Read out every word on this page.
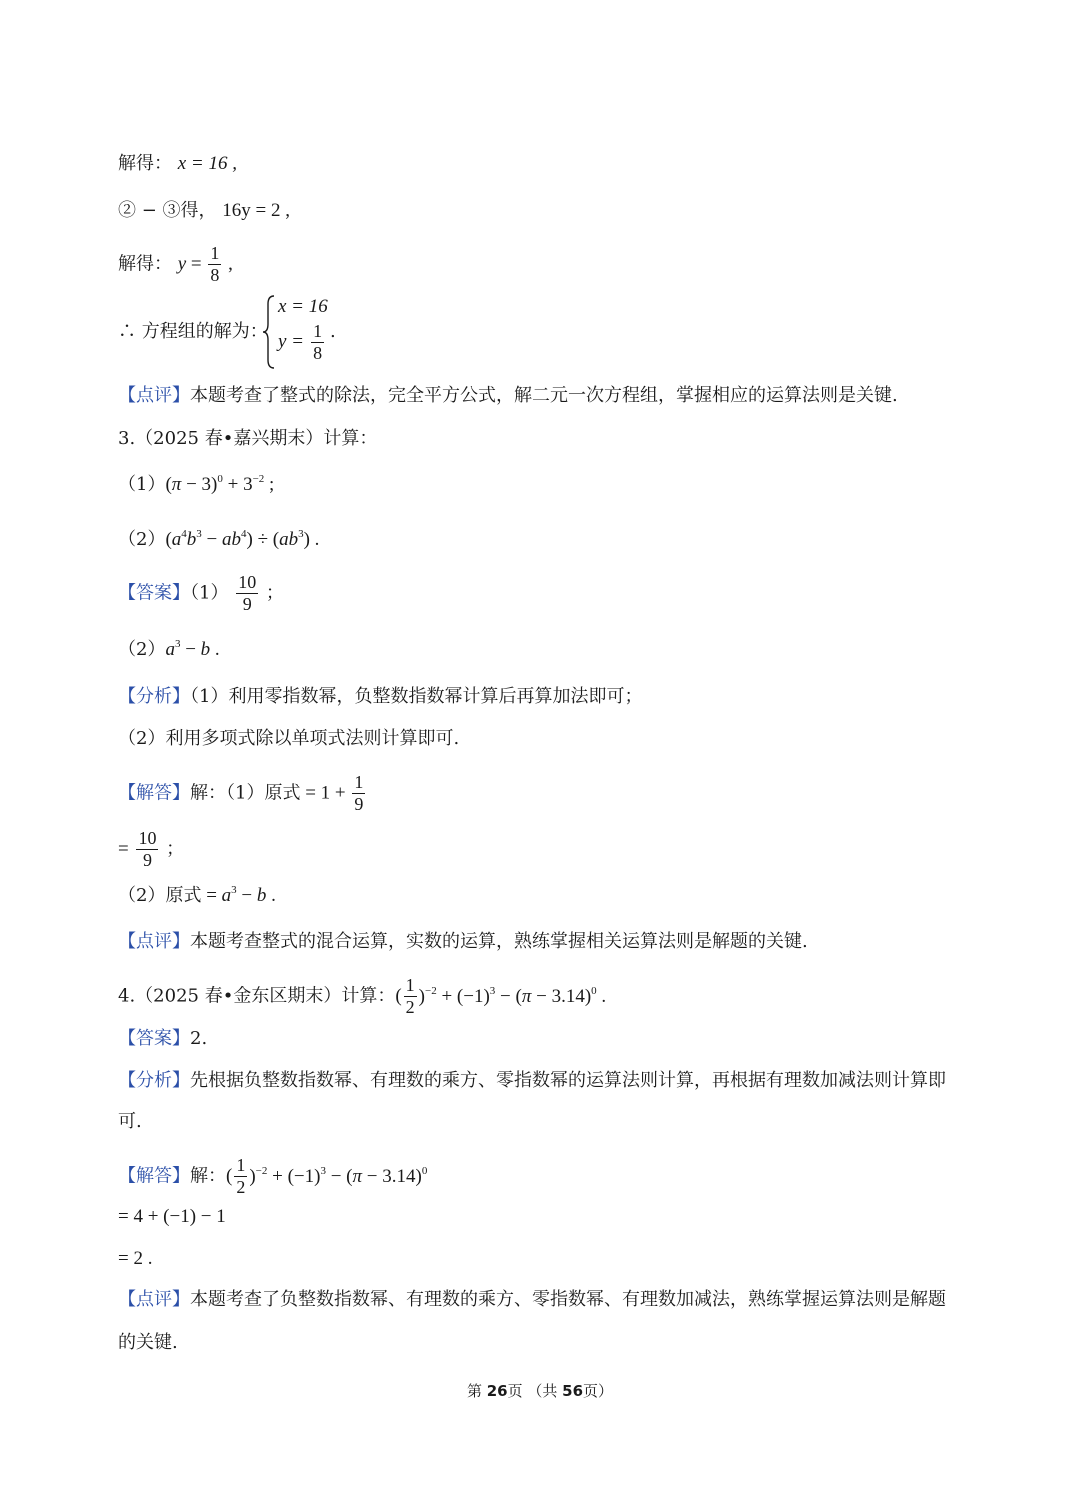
解得： x = 16 ,
② − ③得， 16y = 2 ,
解得： $y = \frac{1}{8}$ ,
∴ 方程组的解为：
x = 16
$y = \frac{1}{8}$ .
【点评】本题考查了整式的除法，完全平方公式，解二元一次方程组，掌握相应的运算法则是关键.
3.（2025 春•嘉兴期末）计算：
$(1)(\pi - 3)^0 + 3^{-2}$ ;
$(2)(a^4b^3 - ab^4) \div (ab^3)$ .
【答案】$(1) \frac{10}{9}$ ；
$(2)a^3 - b$ .
【分析】（1）利用零指数幂，负整数指数幂计算后再算加法即可；
（2）利用多项式除以单项式法则计算即可.
【解答】解：（1）原式 = $1 + \frac{1}{9}$
= $\frac{10}{9}$ ；
（2）原式 = $a^3 - b$ .
【点评】本题考查整式的混合运算，实数的运算，熟练掌握相关运算法则是解题的关键.
4.（2025 春•金东区期末）计算：( $\frac{1}{2} )^{-2} + (-1)^3 - (\pi - 3.14)^0$ .
【答案】2.
【分析】先根据负整数指数幂、有理数的乘方、零指数幂的运算法则计算，再根据有理数加减法则计算即
可.
【解答】解：( $\frac{1}{2} )^{-2} + (-1)^3 - (\pi - 3.14)^0$
= 4 + (−1) − 1
= 2 .
【点评】本题考查了负整数指数幂、有理数的乘方、零指数幂、有理数加减法，熟练掌握运算法则是解题
的关键.
第 26页 （共 56页）
